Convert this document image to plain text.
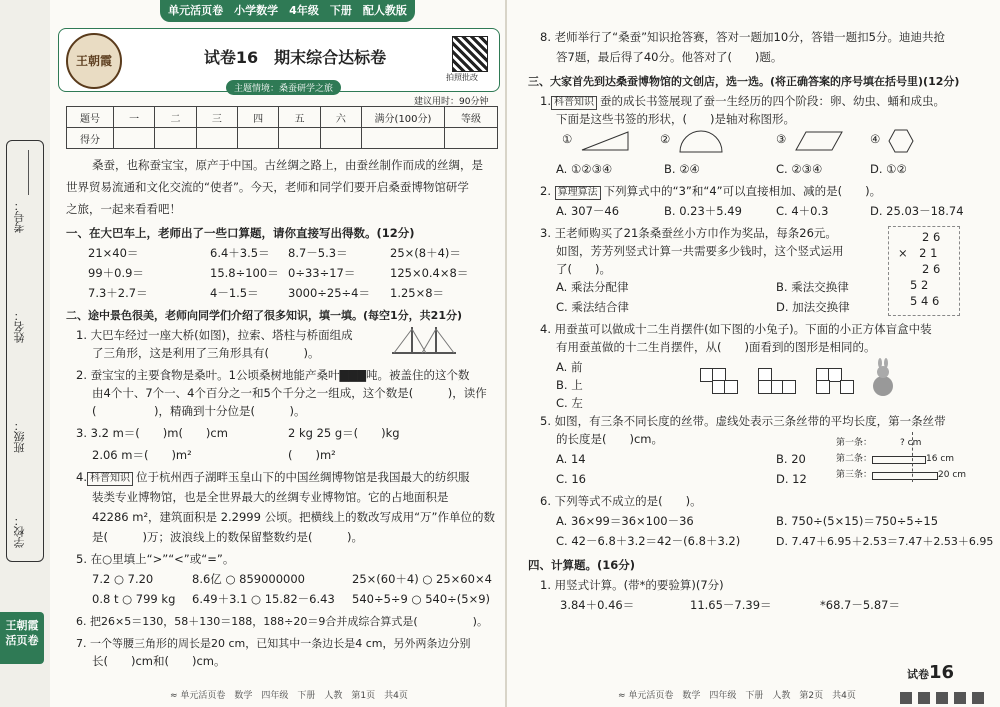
考号：
姓名：
班级：
学校：
王朝霞
活页卷
单元活页卷　小学数学　4年级　下册　配人教版
王朝霞	试卷16　期末综合达标卷
拍照批改
主题情境：桑蚕研学之旅
建议用时：90分钟
题号	一	二	三	四	五	六	满分(100分)	等级
得分								
桑蚕，也称蚕宝宝，原产于中国。古丝绸之路上，由蚕丝制作而成的丝绸，是
世界贸易流通和文化交流的“使者”。今天，老师和同学们要开启桑蚕博物馆研学
之旅，一起来看看吧！
一、在大巴车上，老师出了一些口算题，请你直接写出得数。(12分)
21×40＝	6.4＋3.5＝ 8.7－5.3＝	25×(8＋4)＝
99＋0.9＝	15.8÷100＝ 0÷33÷17＝	125×0.4×8＝
7.3＋2.7＝	4－1.5＝	3000÷25÷4＝ 1.25×8＝
二、途中景色很美，老师向同学们介绍了很多知识，填一填。(每空1分，共21分)
1. 大巴车经过一座大桥(如图)，拉索、塔柱与桥面组成
了三角形，这是利用了三角形具有(　　　)。
2. 蚕宝宝的主要食物是桑叶。1公顷桑树地能产桑叶▇▇▇吨。被盖住的这个数
由4个十、7个一、4个百分之一和5个千分之一组成，这个数是(　　　)，读作
(　　　　　)，精确到十分位是(　　　)。
3. 3.2 m＝(　　)m(　　)cm	2 kg 25 g＝(　　)kg
2.06 m＝(　　)m²	(　　)m²
4. 科普知识 位于杭州西子湖畔玉皇山下的中国丝绸博物馆是我国最大的纺织服
装类专业博物馆，也是全世界最大的丝绸专业博物馆。它的占地面积是
42286 m²，建筑面积是 2.2999 公顷。把横线上的数改写成用“万”作单位的数
是(　　　)万；波浪线上的数保留整数约是(　　　)。
5. 在○里填上“>”“<”或“=”。
7.2 ○ 7.20	8.6亿 ○ 859000000	25×(60＋4) ○ 25×60×4
0.8 t ○ 799 kg 6.49＋3.1 ○ 15.82－6.43 540÷5÷9 ○ 540÷(5×9)
6. 把26×5＝130，58＋130＝188，188÷20＝9合并成综合算式是(　　　　　)。
7. 一个等腰三角形的周长是20 cm，已知其中一条边长是4 cm，另外两条边分别
长(　　)cm和(　　)cm。
≈ 单元活页卷　数学　四年级　下册　人教　第1页　共4页
8. 老师举行了“桑蚕”知识抢答赛，答对一题加10分，答错一题扣5分。迪迪共抢
答7题，最后得了40分。他答对了(　　)题。
三、大家首先到达桑蚕博物馆的文创店，选一选。(将正确答案的序号填在括号里)(12分)
1. 科普知识 蚕的成长书签展现了蚕一生经历的四个阶段：卵、幼虫、蛹和成虫。
下面是这些书签的形状，(　　)是轴对称图形。
①	②	③	④
A. ①②③④	B. ②④	C. ②③④	D. ①②
2. 算理算法 下列算式中的“3”和“4”可以直接相加、减的是(　　)。
A. 307－46	B. 0.23＋5.49	C. 4＋0.3	D. 25.03－18.74
3. 王老师购买了21条桑蚕丝小方巾作为奖品，每条26元。
如图，芳芳列竖式计算一共需要多少钱时，这个竖式运用
了(　　)。
2 6
×　2 1
2 6
5 2
5 4 6
A. 乘法分配律	B. 乘法交换律
C. 乘法结合律	D. 加法交换律
4. 用蚕茧可以做成十二生肖摆件(如下图的小兔子)。下面的小正方体盲盒中装
有用蚕茧做的十二生肖摆件，从(　　)面看到的图形是相同的。
A. 前
B. 上
C. 左
5. 如图，有三条不同长度的丝带。虚线处表示三条丝带的平均长度，第一条丝带
的长度是(　　)cm。	第一条：	? cm
第二条：	16 cm
第三条：	20 cm
A. 14	B. 20
C. 16	D. 12
6. 下列等式不成立的是(　　)。
A. 36×99＝36×100－36	B. 750÷(5×15)＝750÷5÷15
C. 42－6.8＋3.2＝42－(6.8＋3.2)	D. 7.47＋6.95＋2.53＝7.47＋2.53＋6.95
四、计算题。(16分)
1. 用竖式计算。(带*的要验算)(7分)
3.84＋0.46＝	11.65－7.39＝	*68.7－5.87＝
≈ 单元活页卷　数学　四年级　下册　人教　第2页　共4页
试卷16
